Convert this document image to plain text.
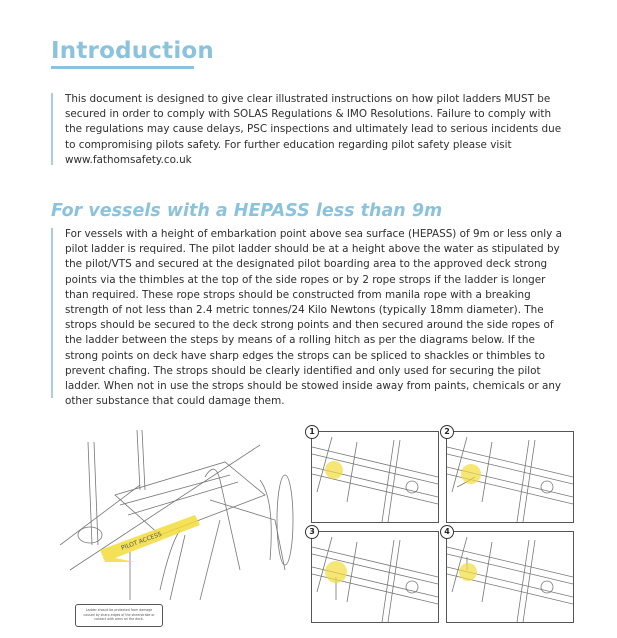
Introduction
This document is designed to give clear illustrated instructions on how pilot ladders MUST be secured in order to comply with SOLAS Regulations & IMO Resolutions. Failure to comply with the regulations may cause delays, PSC inspections and ultimately lead to serious incidents due to compromising pilots safety. For further education regarding pilot safety please visit www.fathomsafety.co.uk
For vessels with a HEPASS less than 9m
For vessels with a height of embarkation point above sea surface (HEPASS) of 9m or less only a pilot ladder is required. The pilot ladder should be at a height above the water as stipulated by the pilot/VTS and secured at the designated pilot boarding area to the approved deck strong points via the thimbles at the top of the side ropes or by 2 rope strops if the ladder is longer than required. These rope strops should be constructed from manila rope with a breaking strength of not less than 2.4 metric tonnes/24 Kilo Newtons (typically 18mm diameter). The strops should be secured to the deck strong points and then secured around the side ropes of the ladder between the steps by means of a rolling hitch as per the diagrams below. If the strong points on deck have sharp edges the strops can be spliced to shackles or thimbles to prevent chafing. The strops should be clearly identified and only used for securing the pilot ladder. When not in use the strops should be stowed inside away from paints, chemicals or any other substance that could damage them.
PILOT ACCESS
Ladder should be protected from damage caused by sharp edges of the sheerstrake or contact with arms on the deck.
1	2
3	4
